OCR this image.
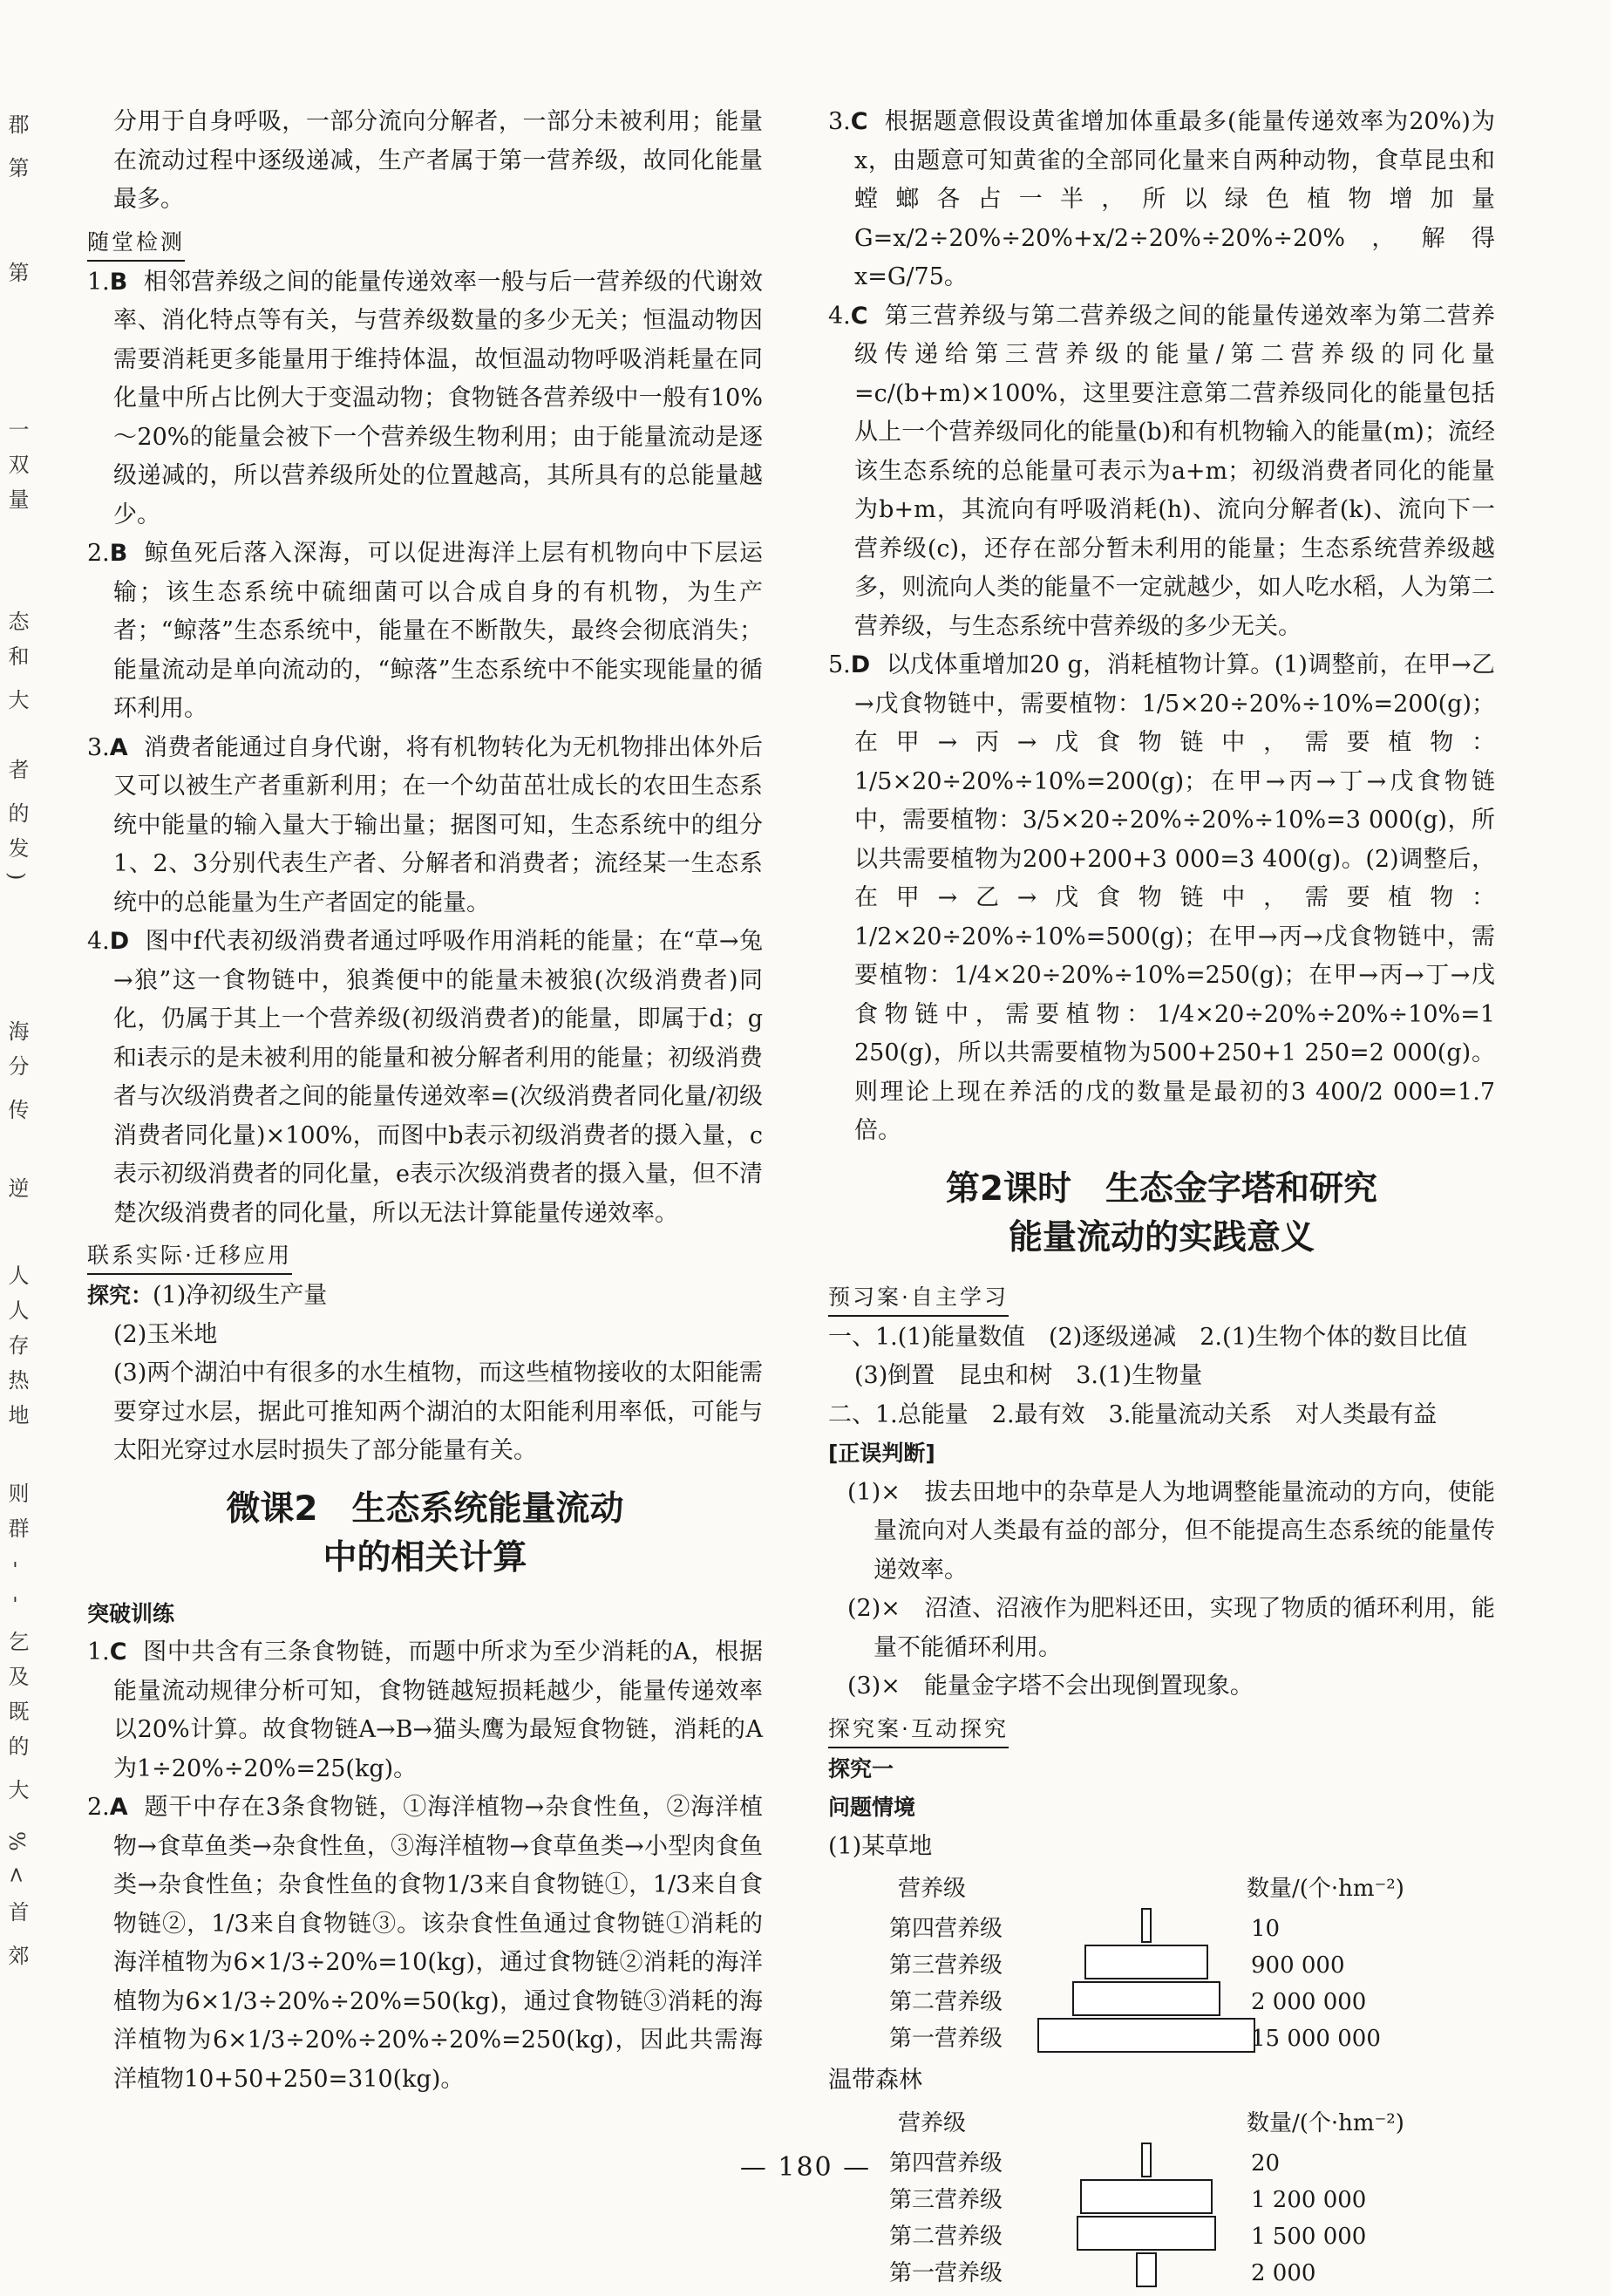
郡
第
第
一
双
量
态
和
大
者
的
发
)
海
分
传
逆
人
人
存
热
地
则
群
-
-
乞
及
既
的
大
%
<
首
郊

分用于自身呼吸，一部分流向分解者，一部分未被利用；能量在流动过程中逐级递减，生产者属于第一营养级，故同化能量最多。

随堂检测

1.B 相邻营养级之间的能量传递效率一般与后一营养级的代谢效率、消化特点等有关，与营养级数量的多少无关；恒温动物因需要消耗更多能量用于维持体温，故恒温动物呼吸消耗量在同化量中所占比例大于变温动物；食物链各营养级中一般有10%～20%的能量会被下一个营养级生物利用；由于能量流动是逐级递减的，所以营养级所处的位置越高，其所具有的总能量越少。

2.B 鲸鱼死后落入深海，可以促进海洋上层有机物向中下层运输；该生态系统中硫细菌可以合成自身的有机物，为生产者；“鲸落”生态系统中，能量在不断散失，最终会彻底消失；能量流动是单向流动的，“鲸落”生态系统中不能实现能量的循环利用。

3.A 消费者能通过自身代谢，将有机物转化为无机物排出体外后又可以被生产者重新利用；在一个幼苗茁壮成长的农田生态系统中能量的输入量大于输出量；据图可知，生态系统中的组分1、2、3分别代表生产者、分解者和消费者；流经某一生态系统中的总能量为生产者固定的能量。

4.D 图中f代表初级消费者通过呼吸作用消耗的能量；在“草→兔→狼”这一食物链中，狼粪便中的能量未被狼(次级消费者)同化，仍属于其上一个营养级(初级消费者)的能量，即属于d；g和i表示的是未被利用的能量和被分解者利用的能量；初级消费者与次级消费者之间的能量传递效率=(次级消费者同化量/初级消费者同化量)×100%，而图中b表示初级消费者的摄入量，c表示初级消费者的同化量，e表示次级消费者的摄入量，但不清楚次级消费者的同化量，所以无法计算能量传递效率。

联系实际·迁移应用

探究：(1)净初级生产量

(2)玉米地

(3)两个湖泊中有很多的水生植物，而这些植物接收的太阳能需要穿过水层，据此可推知两个湖泊的太阳能利用率低，可能与太阳光穿过水层时损失了部分能量有关。

微课2　生态系统能量流动
中的相关计算
突破训练

1.C 图中共含有三条食物链，而题中所求为至少消耗的A，根据能量流动规律分析可知，食物链越短损耗越少，能量传递效率以20%计算。故食物链A→B→猫头鹰为最短食物链，消耗的A为1÷20%÷20%=25(kg)。

2.A 题干中存在3条食物链，①海洋植物→杂食性鱼，②海洋植物→食草鱼类→杂食性鱼，③海洋植物→食草鱼类→小型肉食鱼类→杂食性鱼；杂食性鱼的食物1/3来自食物链①，1/3来自食物链②，1/3来自食物链③。该杂食性鱼通过食物链①消耗的海洋植物为6×1/3÷20%=10(kg)，通过食物链②消耗的海洋植物为6×1/3÷20%÷20%=50(kg)，通过食物链③消耗的海洋植物为6×1/3÷20%÷20%÷20%=250(kg)，因此共需海洋植物10+50+250=310(kg)。

3.C 根据题意假设黄雀增加体重最多(能量传递效率为20%)为x，由题意可知黄雀的全部同化量来自两种动物，食草昆虫和螳螂各占一半，所以绿色植物增加量G=x/2÷20%÷20%+x/2÷20%÷20%÷20%，解得x=G/75。

4.C 第三营养级与第二营养级之间的能量传递效率为第二营养级传递给第三营养级的能量/第二营养级的同化量=c/(b+m)×100%，这里要注意第二营养级同化的能量包括从上一个营养级同化的能量(b)和有机物输入的能量(m)；流经该生态系统的总能量可表示为a+m；初级消费者同化的能量为b+m，其流向有呼吸消耗(h)、流向分解者(k)、流向下一营养级(c)，还存在部分暂未利用的能量；生态系统营养级越多，则流向人类的能量不一定就越少，如人吃水稻，人为第二营养级，与生态系统中营养级的多少无关。

5.D 以戊体重增加20 g，消耗植物计算。(1)调整前，在甲→乙→戊食物链中，需要植物：1/5×20÷20%÷10%=200(g)；在甲→丙→戊食物链中，需要植物：1/5×20÷20%÷10%=200(g)；在甲→丙→丁→戊食物链中，需要植物：3/5×20÷20%÷20%÷10%=3 000(g)，所以共需要植物为200+200+3 000=3 400(g)。(2)调整后，在甲→乙→戊食物链中，需要植物：1/2×20÷20%÷10%=500(g)；在甲→丙→戊食物链中，需要植物：1/4×20÷20%÷10%=250(g)；在甲→丙→丁→戊食物链中，需要植物：1/4×20÷20%÷20%÷10%=1 250(g)，所以共需要植物为500+250+1 250=2 000(g)。则理论上现在养活的戊的数量是最初的3 400/2 000=1.7倍。

第2课时　生态金字塔和研究
能量流动的实践意义
预习案·自主学习

一、1.(1)能量数值　(2)逐级递减　2.(1)生物个体的数目比值

(3)倒置　昆虫和树　3.(1)生物量

二、1.总能量　2.最有效　3.能量流动关系　对人类最有益

[正误判断]

(1)×　拔去田地中的杂草是人为地调整能量流动的方向，使能量流向对人类最有益的部分，但不能提高生态系统的能量传递效率。

(2)×　沼渣、沼液作为肥料还田，实现了物质的循环利用，能量不能循环利用。

(3)×　能量金字塔不会出现倒置现象。

探究案·互动探究
探究一
问题情境
(1)某草地
营养级	数量/(个·hm⁻²)
第四营养级	10
第三营养级	900 000
第二营养级	2 000 000
第一营养级	15 000 000
温带森林
营养级	数量/(个·hm⁻²)
第四营养级	20
第三营养级	1 200 000
第二营养级	1 500 000
第一营养级	2 000
— 180 —
